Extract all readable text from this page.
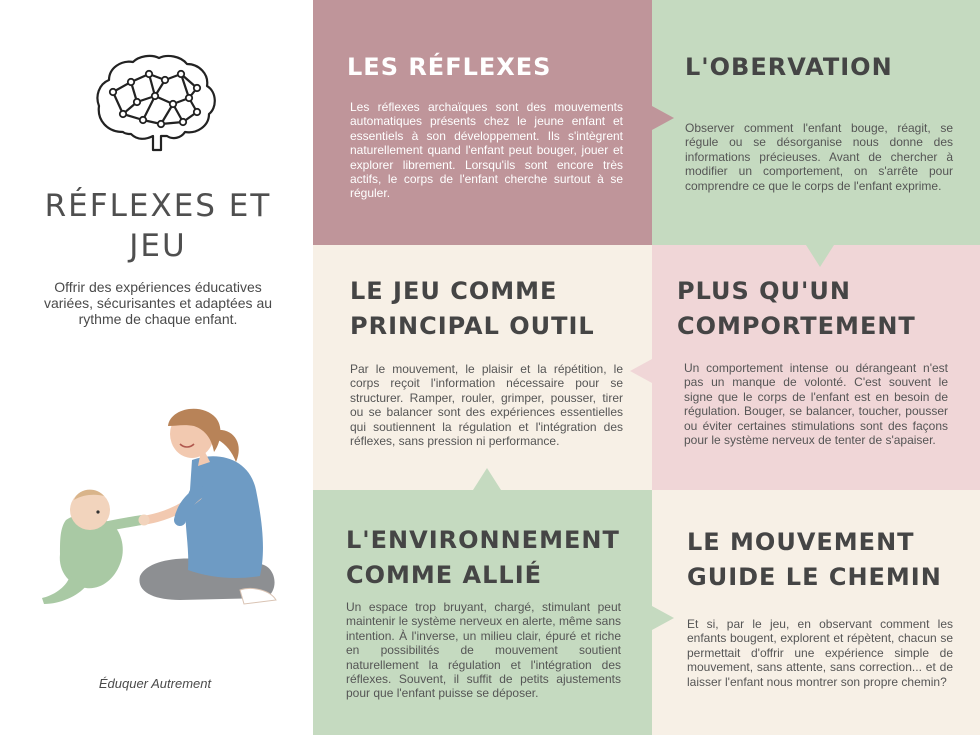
RÉFLEXES ET
JEU
Offrir des expériences éducatives variées, sécurisantes et adaptées au rythme de chaque enfant.
Éduquer Autrement
LES RÉFLEXES

Les réflexes archaïques sont des mouvements automatiques présents chez le jeune enfant et essentiels à son développement. Ils s'intègrent naturellement quand l'enfant peut bouger, jouer et explorer librement. Lorsqu'ils sont encore très actifs, le corps de l'enfant cherche surtout à se réguler.

L'OBERVATION

Observer comment l'enfant bouge, réagit, se régule ou se désorganise nous donne des informations précieuses. Avant de chercher à modifier un comportement, on s'arrête pour comprendre ce que le corps de l'enfant exprime.

LE JEU COMME
PRINCIPAL OUTIL

Par le mouvement, le plaisir et la répétition, le corps reçoit l'information nécessaire pour se structurer. Ramper, rouler, grimper, pousser, tirer ou se balancer sont des expériences essentielles qui soutiennent la régulation et l'intégration des réflexes, sans pression ni performance.

PLUS QU'UN
COMPORTEMENT

Un comportement intense ou dérangeant n'est pas un manque de volonté. C'est souvent le signe que le corps de l'enfant est en besoin de régulation. Bouger, se balancer, toucher, pousser ou éviter certaines stimulations sont des façons pour le système nerveux de tenter de s'apaiser.

L'ENVIRONNEMENT
COMME ALLIÉ

Un espace trop bruyant, chargé, stimulant peut maintenir le système nerveux en alerte, même sans intention. À l'inverse, un milieu clair, épuré et riche en possibilités de mouvement soutient naturellement la régulation et l'intégration des réflexes. Souvent, il suffit de petits ajustements pour que l'enfant puisse se déposer.

LE MOUVEMENT
GUIDE LE CHEMIN

Et si, par le jeu, en observant comment les enfants bougent, explorent et répètent, chacun se permettait d'offrir une expérience simple de mouvement, sans attente, sans correction... et de laisser l'enfant nous montrer son propre chemin?
